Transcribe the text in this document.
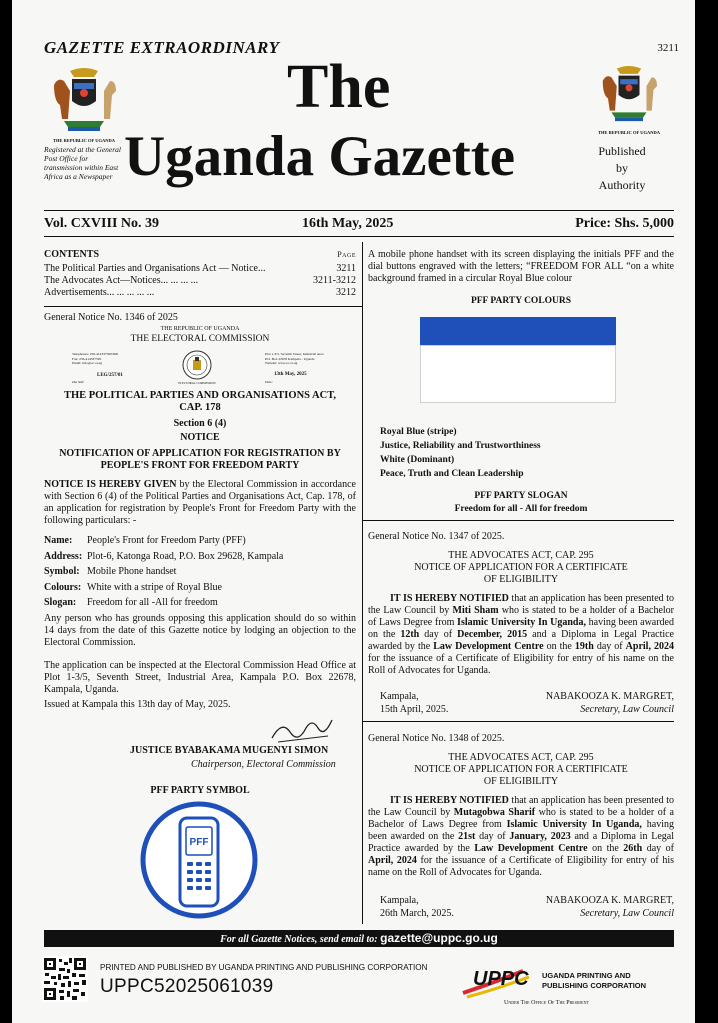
GAZETTE EXTRAORDINARY	3211
THE REPUBLIC OF UGANDA
Registered at the General Post Office for transmission within East Africa as a Newspaper
The
Uganda Gazette	THE REPUBLIC OF UGANDA
Published
by
Authority
Vol. CXVIII No. 39	16th May, 2025	Price: Shs. 5,000
CONTENTS	Page
The Political Parties and Organisations Act — Notice...	3211
The Advocates Act—Notices... ... ... ...	3211-3212
Advertisements... ... ... ... ...	3212
General Notice No. 1346 of 2025
THE REPUBLIC OF UGANDA
THE ELECTORAL COMMISSION
Telephones: 256-414337500/600
Fax: 256-414337595
Email: info@ec.or.ug
LEG/257/01
Our Ref:	ELECTORAL COMMISSION
Plot 1-3/5, Seventh Street, Industrial Area
P.O. Box 22678 Kampala - Uganda
Website: www.ec.or.ug
13th May, 2025
Date:
THE POLITICAL PARTIES AND ORGANISATIONS ACT, CAP. 178
Section 6 (4)
NOTICE
NOTIFICATION OF APPLICATION FOR REGISTRATION BY PEOPLE'S FRONT FOR FREEDOM PARTY
NOTICE IS HEREBY GIVEN by the Electoral Commission in accordance with Section 6 (4) of the Political Parties and Organisations Act, Cap. 178, of an application for registration by People's Front for Freedom Party with the following particulars: -
Name: People's Front for Freedom Party (PFF)
Address: Plot-6, Katonga Road, P.O. Box 29628, Kampala
Symbol: Mobile Phone handset
Colours: White with a stripe of Royal Blue
Slogan: Freedom for all -All for freedom
Any person who has grounds opposing this application should do so within 14 days from the date of this Gazette notice by lodging an objection to the Electoral Commission.
The application can be inspected at the Electoral Commission Head Office at Plot 1-3/5, Seventh Street, Industrial Area, Kampala P.O. Box 22678, Kampala, Uganda.
Issued at Kampala this 13th day of May, 2025.
JUSTICE BYABAKAMA MUGENYI SIMON
Chairperson, Electoral Commission
PFF PARTY SYMBOL
PFF
A mobile phone handset with its screen displaying the initials PFF and the dial buttons engraved with the letters; “FREEDOM FOR ALL “on a white background framed in a circular Royal Blue colour
PFF PARTY COLOURS
Royal Blue (stripe)
Justice, Reliability and Trustworthiness
White (Dominant)
Peace, Truth and Clean Leadership
PFF PARTY SLOGAN
Freedom for all - All for freedom
General Notice No. 1347 of 2025.
THE ADVOCATES ACT, CAP. 295
NOTICE OF APPLICATION FOR A CERTIFICATE OF ELIGIBILITY
IT IS HEREBY NOTIFIED that an application has been presented to the Law Council by Miti Sham who is stated to be a holder of a Bachelor of Laws Degree from Islamic University In Uganda, having been awarded on the 12th day of December, 2015 and a Diploma in Legal Practice awarded by the Law Development Centre on the 19th day of April, 2024 for the issuance of a Certificate of Eligibility for entry of his name on the Roll of Advocates for Uganda.
Kampala,
15th April, 2025.
NABAKOOZA K. MARGRET,
Secretary, Law Council
General Notice No. 1348 of 2025.
THE ADVOCATES ACT, CAP. 295
NOTICE OF APPLICATION FOR A CERTIFICATE OF ELIGIBILITY
IT IS HEREBY NOTIFIED that an application has been presented to the Law Council by Mutagobwa Sharif who is stated to be a holder of a Bachelor of Laws Degree from Islamic University In Uganda, having been awarded on the 21st day of January, 2023 and a Diploma in Legal Practice awarded by the Law Development Centre on the 26th day of April, 2024 for the issuance of a Certificate of Eligibility for entry of his name on the Roll of Advocates for Uganda.
Kampala,
26th March, 2025.
NABAKOOZA K. MARGRET,
Secretary, Law Council
For all Gazette Notices, send email to: gazette@uppc.go.ug
PRINTED AND PUBLISHED BY UGANDA PRINTING AND PUBLISHING CORPORATION
UPPC52025061039	UPPC UGANDA PRINTING AND
PUBLISHING CORPORATION
Under The Office Of The President
